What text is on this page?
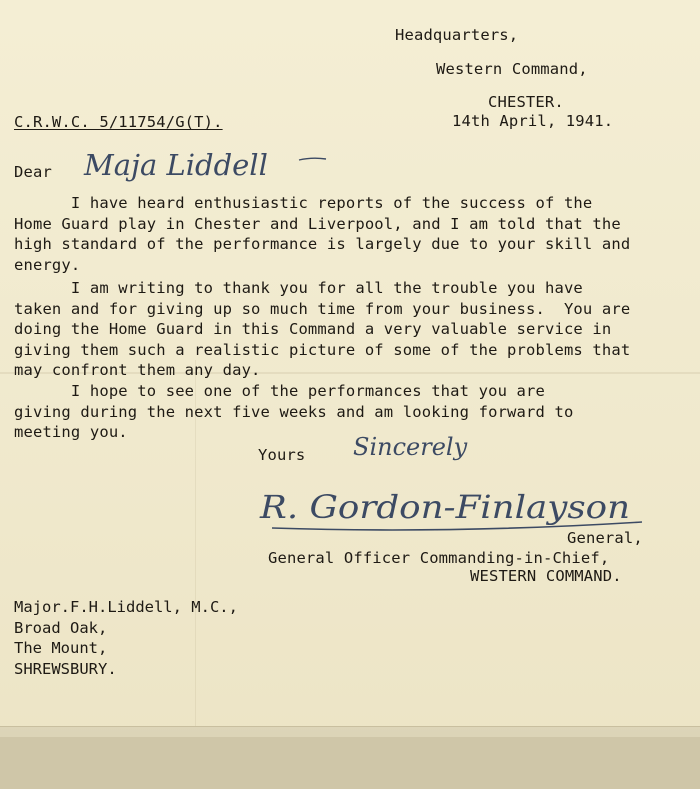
Headquarters,
Western Command,
CHESTER.
C.R.W.C. 5/11754/G(T).	14th April, 1941.
Dear Maja Liddell
I have heard enthusiastic reports of the success of the
Home Guard play in Chester and Liverpool, and I am told that the
high standard of the performance is largely due to your skill and
energy.
I am writing to thank you for all the trouble you have
taken and for giving up so much time from your business.  You are
doing the Home Guard in this Command a very valuable service in
giving them such a realistic picture of some of the problems that
may confront them any day.
I hope to see one of the performances that you are
giving during the next five weeks and am looking forward to
meeting you.
Yours Sincerely
R. Gordon-Finlayson
General,
General Officer Commanding-in-Chief,
WESTERN COMMAND.
Major.F.H.Liddell, M.C.,
Broad Oak,
The Mount,
SHREWSBURY.
